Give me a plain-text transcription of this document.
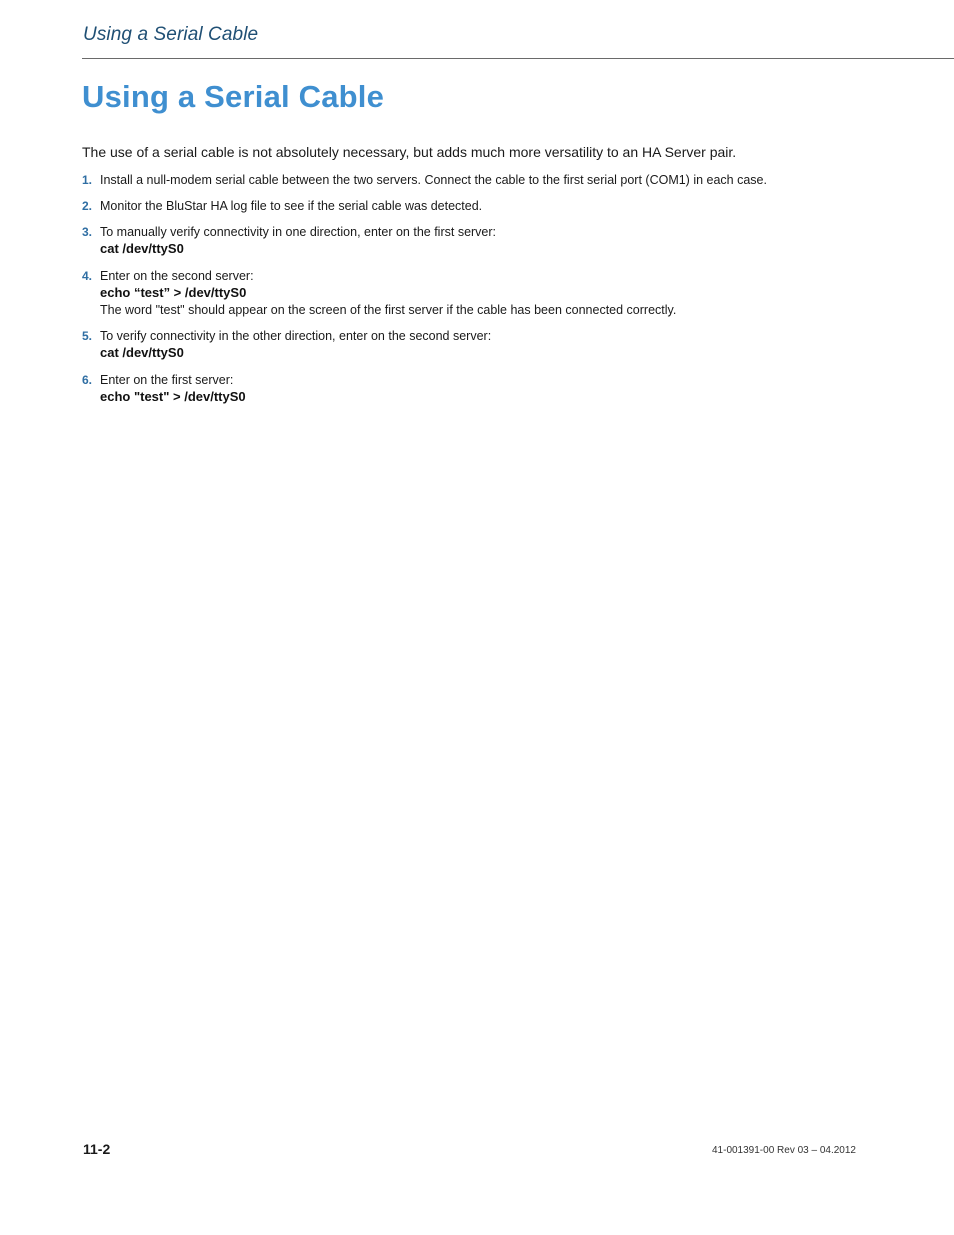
Using a Serial Cable
Using a Serial Cable

The use of a serial cable is not absolutely necessary, but adds much more versatility to an HA Server pair.

1. Install a null-modem serial cable between the two servers. Connect the cable to the first serial port (COM1) in each case.
2. Monitor the BluStar HA log file to see if the serial cable was detected.
3. To manually verify connectivity in one direction, enter on the first server:
cat /dev/ttyS0
4. Enter on the second server:
echo “test” > /dev/ttyS0
The word "test" should appear on the screen of the first server if the cable has been connected correctly.
5. To verify connectivity in the other direction, enter on the second server:
cat /dev/ttyS0
6. Enter on the first server:
echo "test" > /dev/ttyS0
11-2	41-001391-00 Rev 03 – 04.2012
